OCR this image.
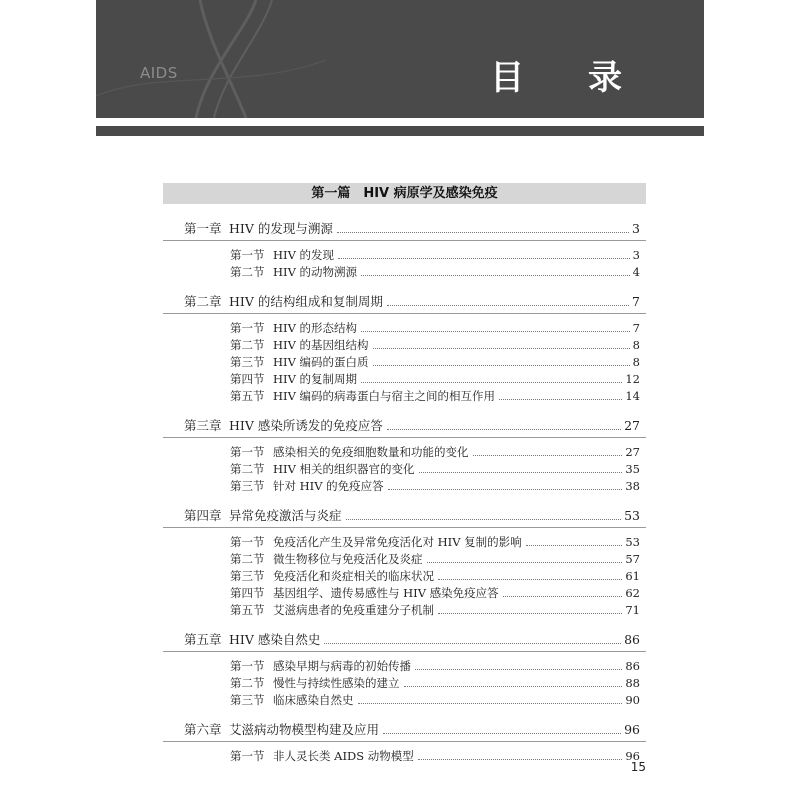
AIDS	目 录
第一篇　HIV 病原学及感染免疫
第一章 HIV 的发现与溯源	3
第一节 HIV 的发现	3
第二节 HIV 的动物溯源	4
第二章 HIV 的结构组成和复制周期	7
第一节 HIV 的形态结构	7
第二节 HIV 的基因组结构	8
第三节 HIV 编码的蛋白质	8
第四节 HIV 的复制周期	12
第五节 HIV 编码的病毒蛋白与宿主之间的相互作用	14
第三章 HIV 感染所诱发的免疫应答	27
第一节 感染相关的免疫细胞数量和功能的变化	27
第二节 HIV 相关的组织器官的变化	35
第三节 针对 HIV 的免疫应答	38
第四章 异常免疫激活与炎症	53
第一节 免疫活化产生及异常免疫活化对 HIV 复制的影响	53
第二节 微生物移位与免疫活化及炎症	57
第三节 免疫活化和炎症相关的临床状况	61
第四节 基因组学、遗传易感性与 HIV 感染免疫应答	62
第五节 艾滋病患者的免疫重建分子机制	71
第五章 HIV 感染自然史	86
第一节 感染早期与病毒的初始传播	86
第二节 慢性与持续性感染的建立	88
第三节 临床感染自然史	90
第六章 艾滋病动物模型构建及应用	96
第一节 非人灵长类 AIDS 动物模型	96
15
